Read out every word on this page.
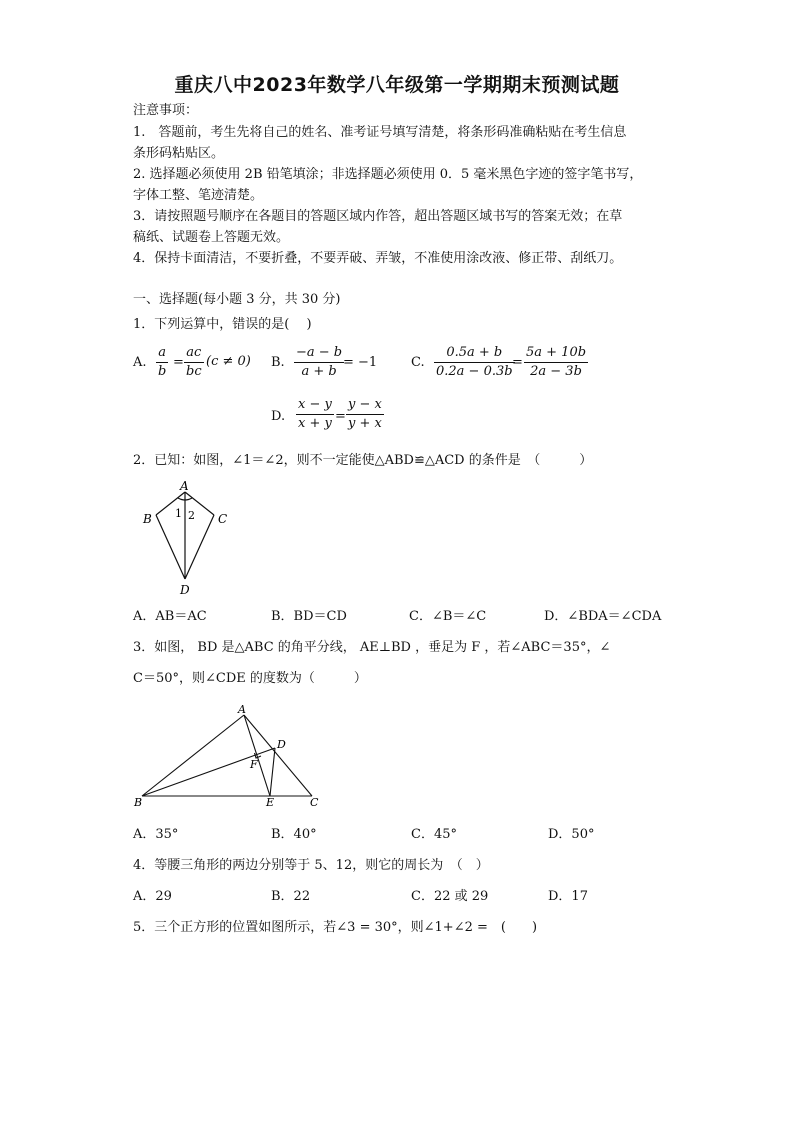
重庆八中2023年数学八年级第一学期期末预测试题
注意事项：
1.　答题前，考生先将自己的姓名、准考证号填写清楚，将条形码准确粘贴在考生信息
条形码粘贴区。
2. 选择题必须使用 2B 铅笔填涂；非选择题必须使用 0．5 毫米黑色字迹的签字笔书写，
字体工整、笔迹清楚。
3．请按照题号顺序在各题目的答题区域内作答，超出答题区域书写的答案无效；在草
稿纸、试题卷上答题无效。
4．保持卡面清洁，不要折叠，不要弄破、弄皱，不准使用涂改液、修正带、刮纸刀。
一、选择题(每小题 3 分，共 30 分)
1．下列运算中，错误的是(　 )
A. $\frac{a}{b} = \frac{ac}{bc} (c \ne 0)$ B. $\frac{-a - b}{a + b}$
= −1	C. $\frac{0.5a + b}{0.2a - 0.3b}$
= $\frac{5a + 10b}{2a - 3b}$
D. $\frac{x - y}{x + y} = \frac{y - x}{y + x}$
2．已知：如图，∠1＝∠2，则不一定能使△ABD≌△ACD 的条件是　（　　　）
A
B	C
D
1 2
A．AB＝AC	B．BD＝CD	C．∠B＝∠C	D．∠BDA＝∠CDA
3．如图， BD 是△ABC 的角平分线， AE⊥BD ，垂足为 F ，若∠ABC＝35°，∠
C＝50°，则∠CDE 的度数为（　　　）
A
B	C
D
E
F
A．35°	B．40°	C．45°	D．50°
4．等腰三角形的两边分别等于 5、12，则它的周长为　（　）
A．29	B．22	C．22 或 29	D．17
5．三个正方形的位置如图所示，若∠3 = 30°，则∠1+∠2 =　(　　)
